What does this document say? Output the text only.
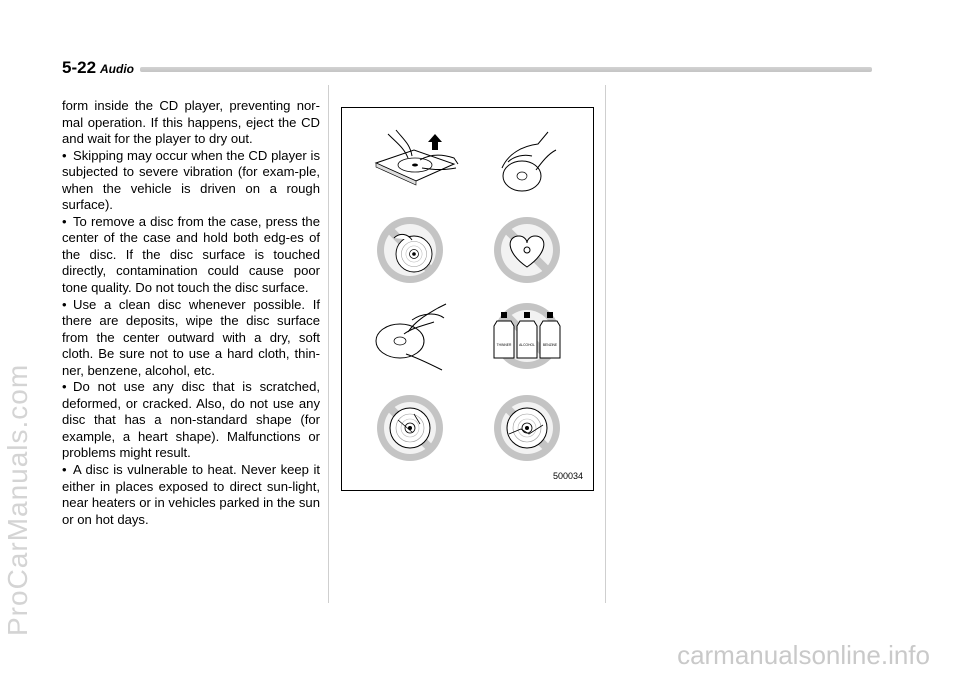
5-22 Audio

form inside the CD player, preventing nor-mal operation. If this happens, eject the CD and wait for the player to dry out.

• Skipping may occur when the CD player is subjected to severe vibration (for exam-ple, when the vehicle is driven on a rough surface).

• To remove a disc from the case, press the center of the case and hold both edg-es of the disc. If the disc surface is touched directly, contamination could cause poor tone quality. Do not touch the disc surface.

• Use a clean disc whenever possible. If there are deposits, wipe the disc surface from the center outward with a dry, soft cloth. Be sure not to use a hard cloth, thin-ner, benzene, alcohol, etc.

• Do not use any disc that is scratched, deformed, or cracked. Also, do not use any disc that has a non-standard shape (for example, a heart shape). Malfunctions or problems might result.

• A disc is vulnerable to heat. Never keep it either in places exposed to direct sun-light, near heaters or in vehicles parked in the sun or on hot days.

THINNER ALCOHOL BENZINE
500034
ProCarManuals.com
carmanualsonline.info
